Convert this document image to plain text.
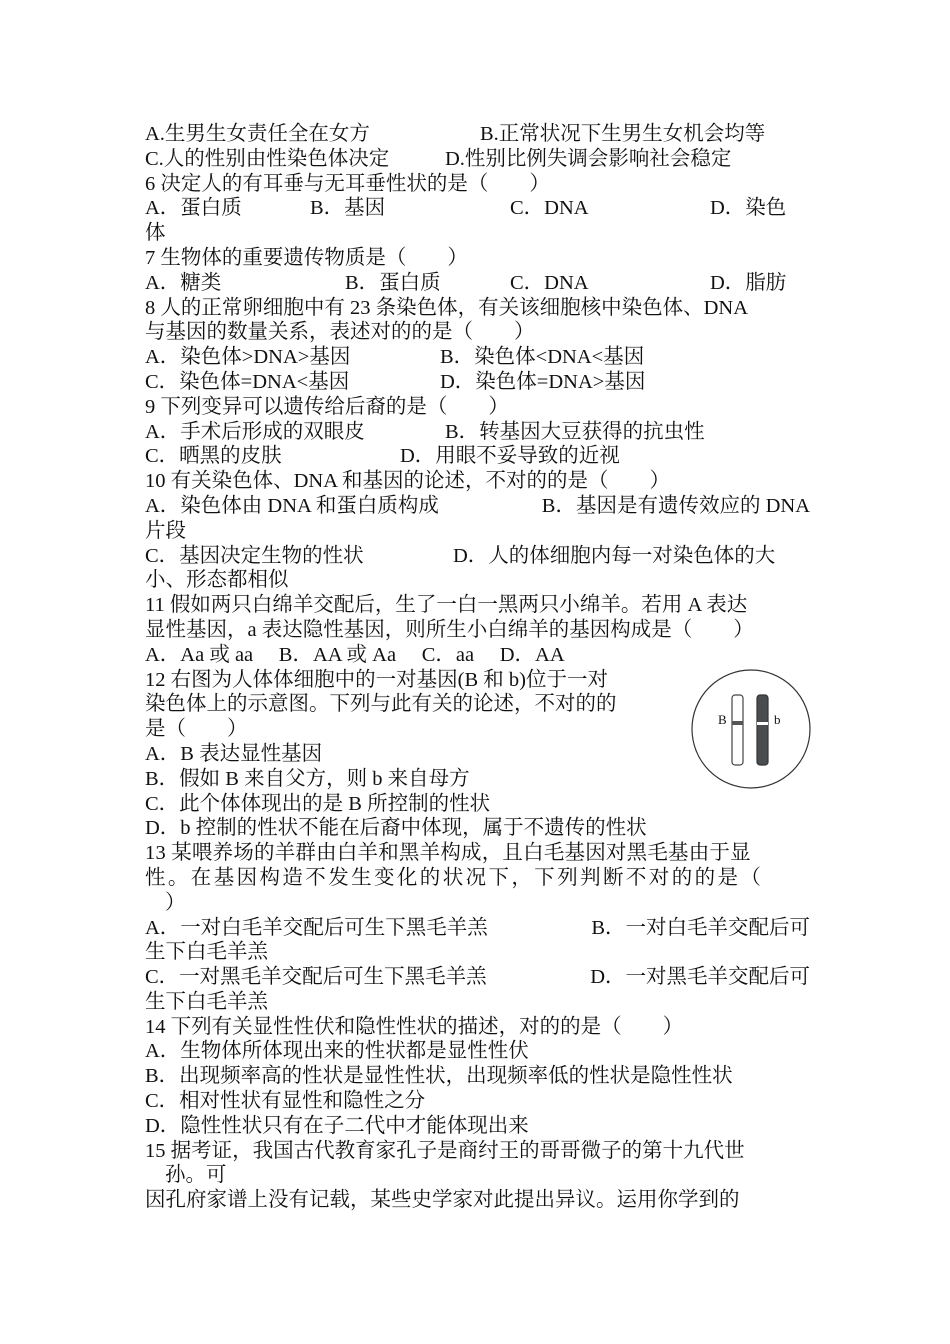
A.生男生女责任全在女方	B.正常状况下生男生女机会均等
C.人的性别由性染色体决定	D.性别比例失调会影响社会稳定
6 决定人的有耳垂与无耳垂性状的是（　　）
A．蛋白质	B．基因	C．DNA	D．染色
体
7 生物体的重要遗传物质是（　　）
A．糖类	B．蛋白质	C．DNA	D．脂肪
8 人的正常卵细胞中有 23 条染色体，有关该细胞核中染色体、DNA
与基因的数量关系，表述对的的是（　　）
A．染色体>DNA>基因	B．染色体<DNA<基因
C．染色体=DNA<基因	D．染色体=DNA>基因
9 下列变异可以遗传给后裔的是（　　）
A．手术后形成的双眼皮	B．转基因大豆获得的抗虫性
C．晒黑的皮肤	D．用眼不妥导致的近视
10 有关染色体、DNA 和基因的论述，不对的的是（　　）
A．染色体由 DNA 和蛋白质构成	B．基因是有遗传效应的 DNA
片段
C．基因决定生物的性状	D．人的体细胞内每一对染色体的大
小、形态都相似
11 假如两只白绵羊交配后，生了一白一黑两只小绵羊。若用 A 表达
显性基因，a 表达隐性基因，则所生小白绵羊的基因构成是（　　）
A．Aa 或 aa　 B．AA 或 Aa　 C．aa　 D．AA
12 右图为人体体细胞中的一对基因(B 和 b)位于一对
染色体上的示意图。下列与此有关的论述，不对的的
是（　　）
A．B 表达显性基因
B．假如 B 来自父方，则 b 来自母方
C．此个体体现出的是 B 所控制的性状
D．b 控制的性状不能在后裔中体现，属于不遗传的性状
B	b
13 某喂养场的羊群由白羊和黑羊构成，且白毛基因对黑毛基由于显
性。在基因构造不发生变化的状况下，下列判断不对的的是（
）
A．一对白毛羊交配后可生下黑毛羊羔	B．一对白毛羊交配后可
生下白毛羊羔
C．一对黑毛羊交配后可生下黑毛羊羔	D．一对黑毛羊交配后可
生下白毛羊羔
14 下列有关显性性伏和隐性性状的描述，对的的是（　　）
A．生物体所体现出来的性状都是显性性伏
B．出现频率高的性状是显性性状，出现频率低的性状是隐性性状
C．相对性状有显性和隐性之分
D．隐性性状只有在子二代中才能体现出来
15 据考证，我国古代教育家孔子是商纣王的哥哥微子的第十九代世
孙。可
因孔府家谱上没有记载，某些史学家对此提出异议。运用你学到的
